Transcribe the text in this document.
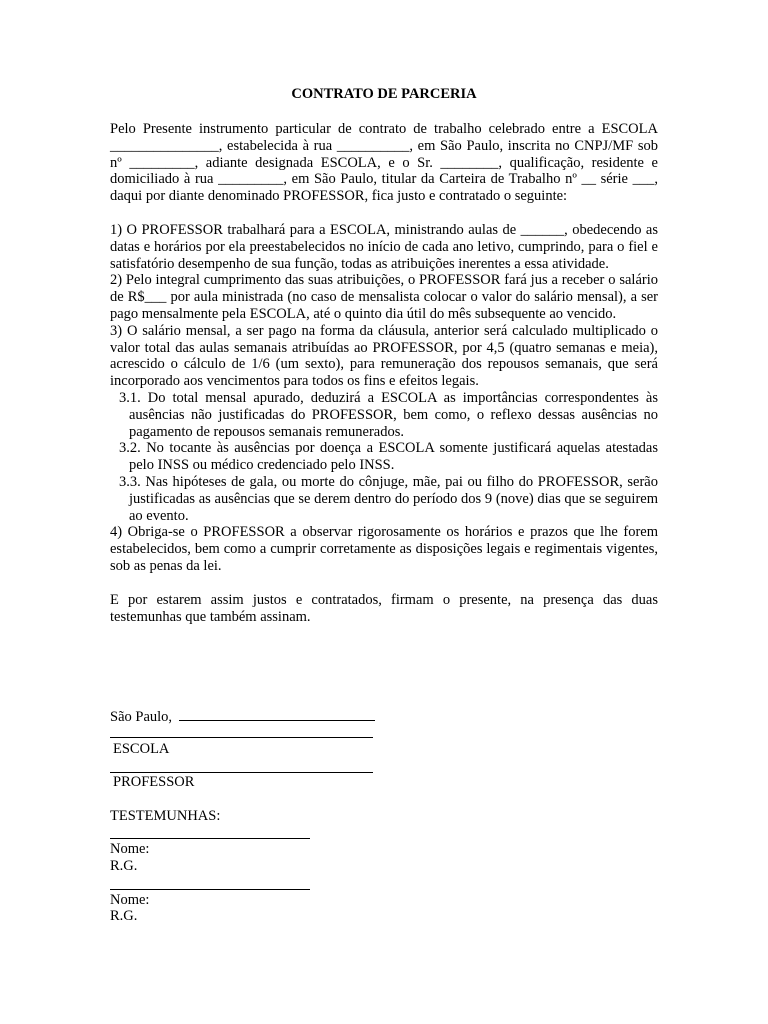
CONTRATO DE PARCERIA

Pelo Presente instrumento particular de contrato de trabalho celebrado entre a ESCOLA _______________, estabelecida à rua __________, em São Paulo, inscrita no CNPJ/MF sob nº _________, adiante designada ESCOLA, e o Sr. ________, qualificação, residente e domiciliado à rua _________, em São Paulo, titular da Carteira de Trabalho nº __ série ___, daqui por diante denominado PROFESSOR, fica justo e contratado o seguinte:

1) O PROFESSOR trabalhará para a ESCOLA, ministrando aulas de ______, obedecendo as datas e horários por ela preestabelecidos no início de cada ano letivo, cumprindo, para o fiel e satisfatório desempenho de sua função, todas as atribuições inerentes a essa atividade.

2) Pelo integral cumprimento das suas atribuições, o PROFESSOR fará jus a receber o salário de R$___ por aula ministrada (no caso de mensalista colocar o valor do salário mensal), a ser pago mensalmente pela ESCOLA, até o quinto dia útil do mês subsequente ao vencido.

3) O salário mensal, a ser pago na forma da cláusula, anterior será calculado multiplicado o valor total das aulas semanais atribuídas ao PROFESSOR, por 4,5 (quatro semanas e meia), acrescido o cálculo de 1/6 (um sexto), para remuneração dos repousos semanais, que será incorporado aos vencimentos para todos os fins e efeitos legais.

3.1. Do total mensal apurado, deduzirá a ESCOLA as importâncias correspondentes às ausências não justificadas do PROFESSOR, bem como, o reflexo dessas ausências no pagamento de repousos semanais remunerados.

3.2. No tocante às ausências por doença a ESCOLA somente justificará aquelas atestadas pelo INSS ou médico credenciado pelo INSS.

3.3. Nas hipóteses de gala, ou morte do cônjuge, mãe, pai ou filho do PROFESSOR, serão justificadas as ausências que se derem dentro do período dos 9 (nove) dias que se seguirem ao evento.

4) Obriga-se o PROFESSOR a observar rigorosamente os horários e prazos que lhe forem estabelecidos, bem como a cumprir corretamente as disposições legais e regimentais vigentes, sob as penas da lei.

E por estarem assim justos e contratados, firmam o presente, na presença das duas testemunhas que também assinam.

São Paulo,
ESCOLA
PROFESSOR
TESTEMUNHAS:
Nome:
R.G.
Nome:
R.G.
